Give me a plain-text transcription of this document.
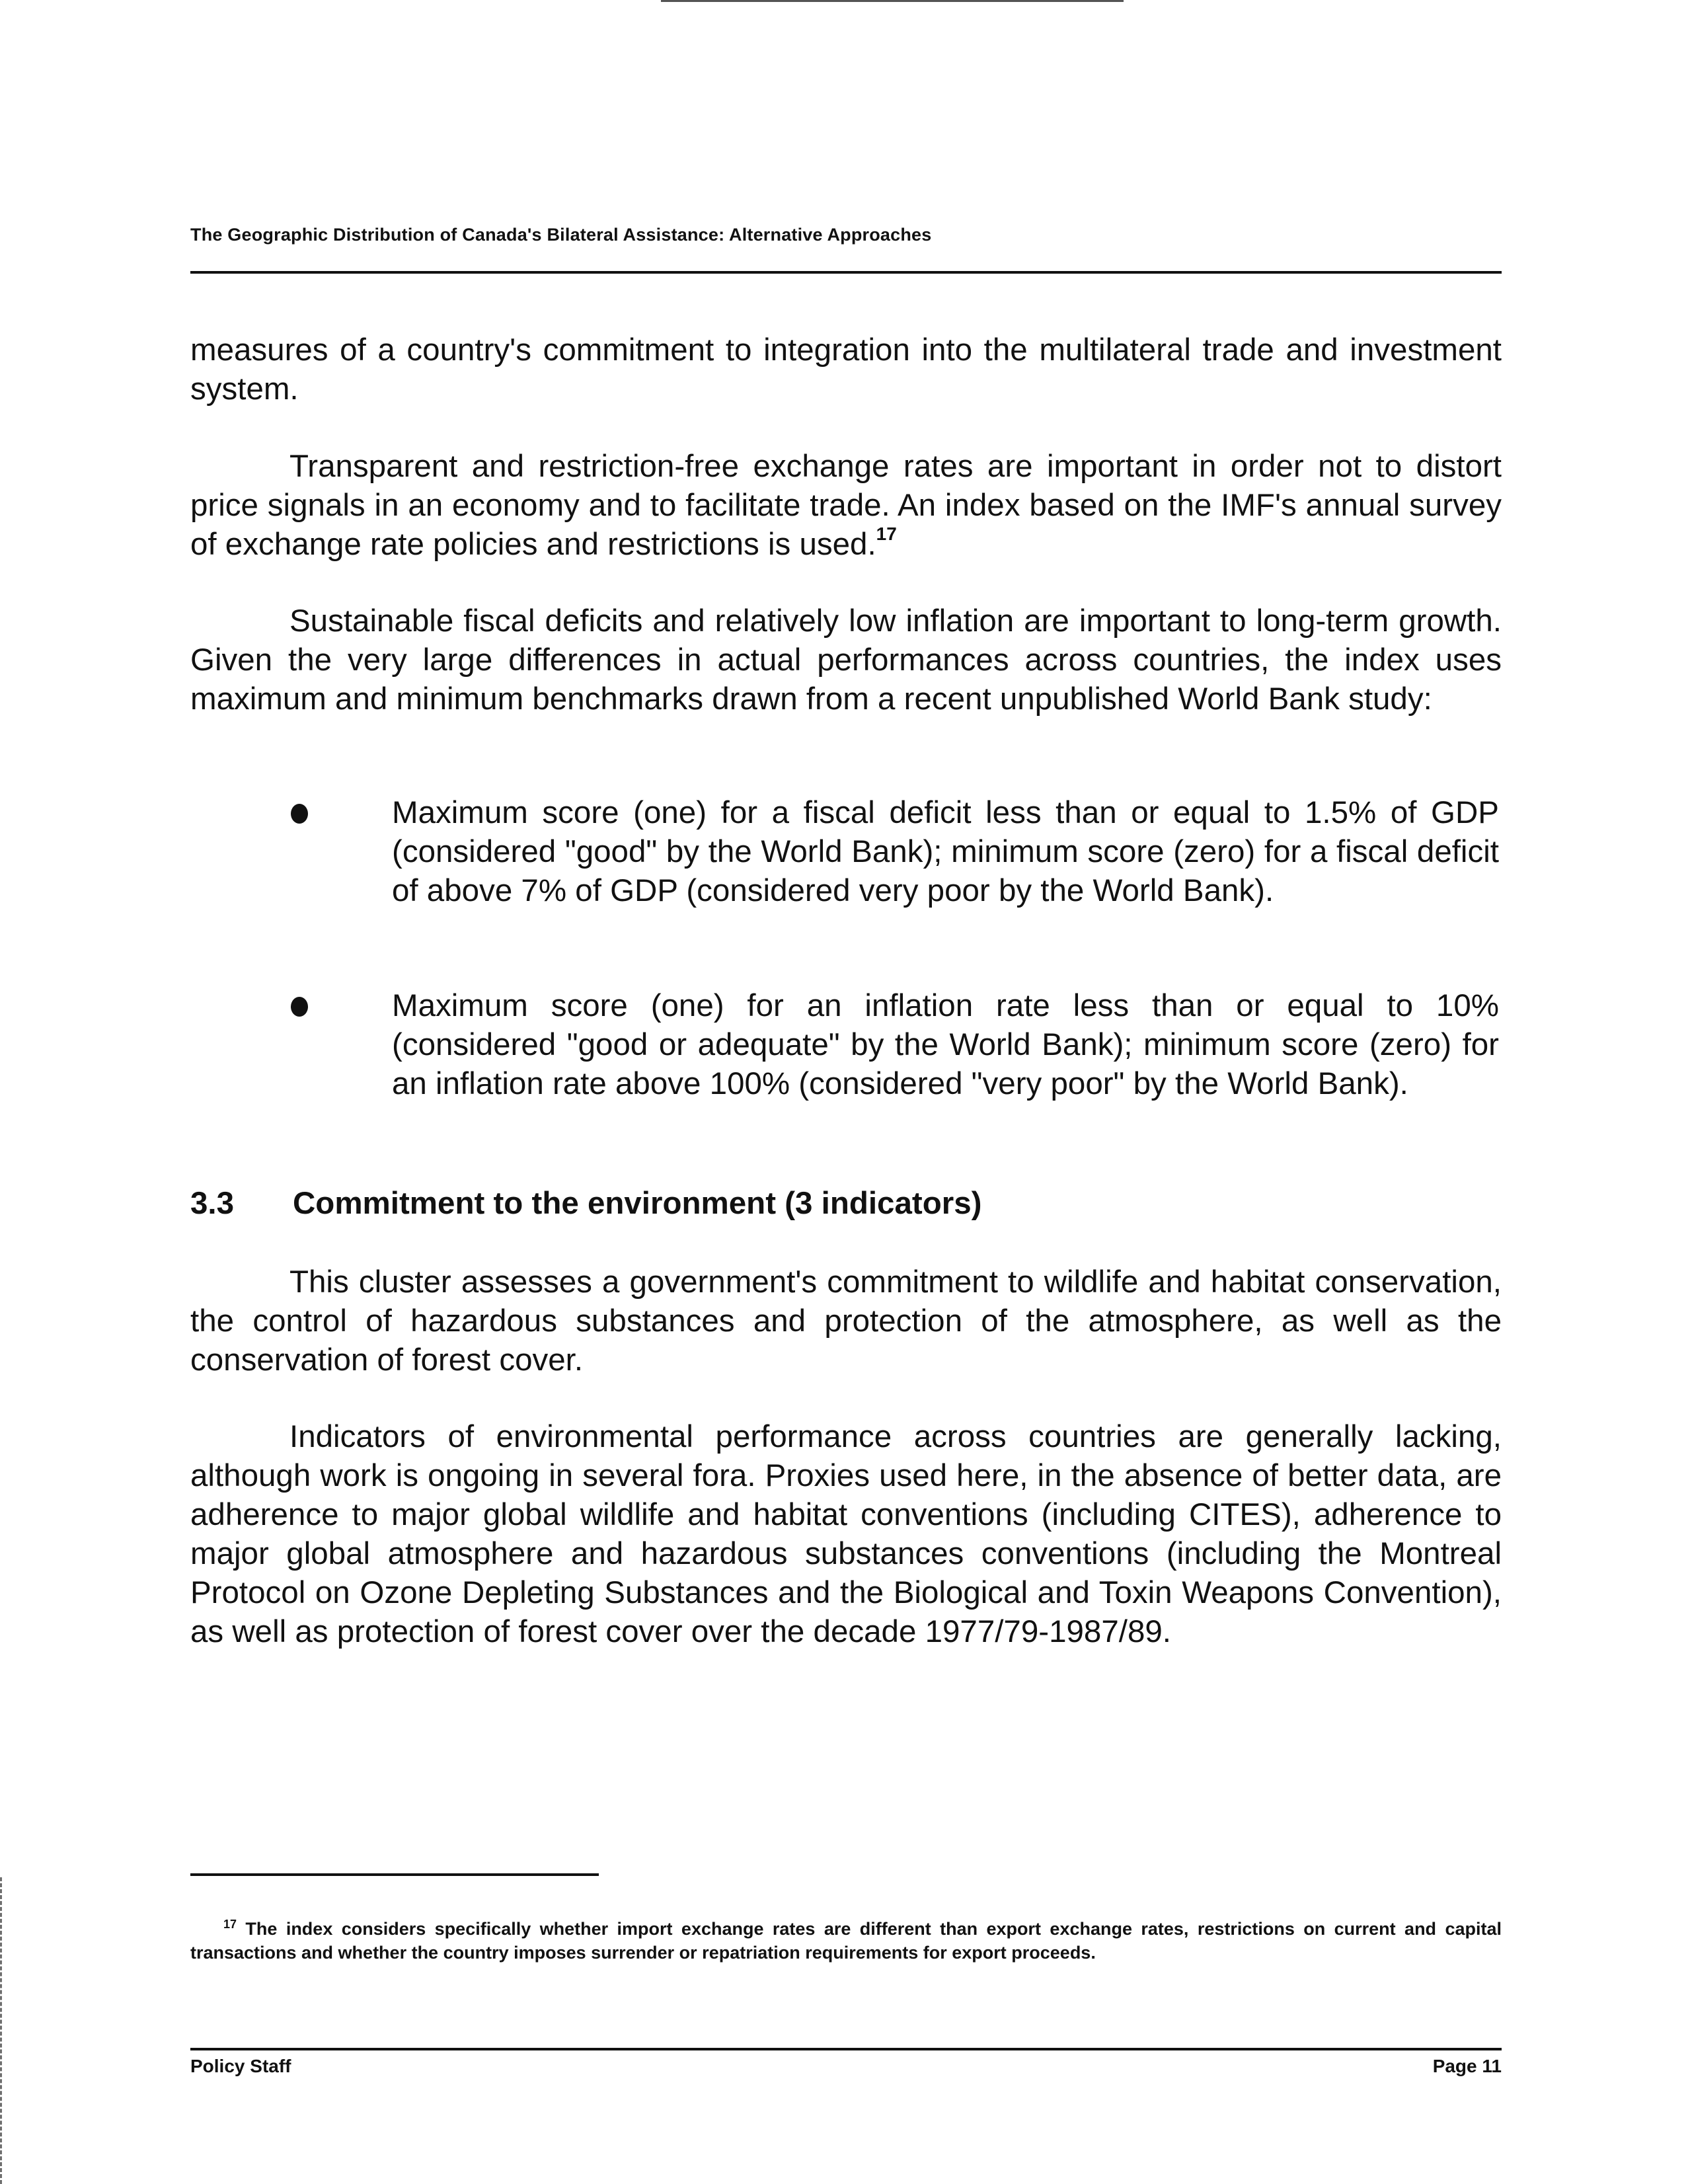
The Geographic Distribution of Canada's Bilateral Assistance: Alternative Approaches

measures of a country's commitment to integration into the multilateral trade and investment system.

Transparent and restriction-free exchange rates are important in order not to distort price signals in an economy and to facilitate trade. An index based on the IMF's annual survey of exchange rate policies and restrictions is used.$^{17}$

Sustainable fiscal deficits and relatively low inflation are important to long-term growth. Given the very large differences in actual performances across countries, the index uses maximum and minimum benchmarks drawn from a recent unpublished World Bank study:

Maximum score (one) for a fiscal deficit less than or equal to 1.5% of GDP (considered "good" by the World Bank); minimum score (zero) for a fiscal deficit of above 7% of GDP (considered very poor by the World Bank).
Maximum score (one) for an inflation rate less than or equal to 10% (considered "good or adequate" by the World Bank); minimum score (zero) for an inflation rate above 100% (considered "very poor" by the World Bank).
3.3 Commitment to the environment (3 indicators)

This cluster assesses a government's commitment to wildlife and habitat conservation, the control of hazardous substances and protection of the atmosphere, as well as the conservation of forest cover.

Indicators of environmental performance across countries are generally lacking, although work is ongoing in several fora. Proxies used here, in the absence of better data, are adherence to major global wildlife and habitat conventions (including CITES), adherence to major global atmosphere and hazardous substances conventions (including the Montreal Protocol on Ozone Depleting Substances and the Biological and Toxin Weapons Convention), as well as protection of forest cover over the decade 1977/79-1987/89.

$^{17}$ The index considers specifically whether import exchange rates are different than export exchange rates, restrictions on current and capital transactions and whether the country imposes surrender or repatriation requirements for export proceeds.
Policy Staff	Page 11
